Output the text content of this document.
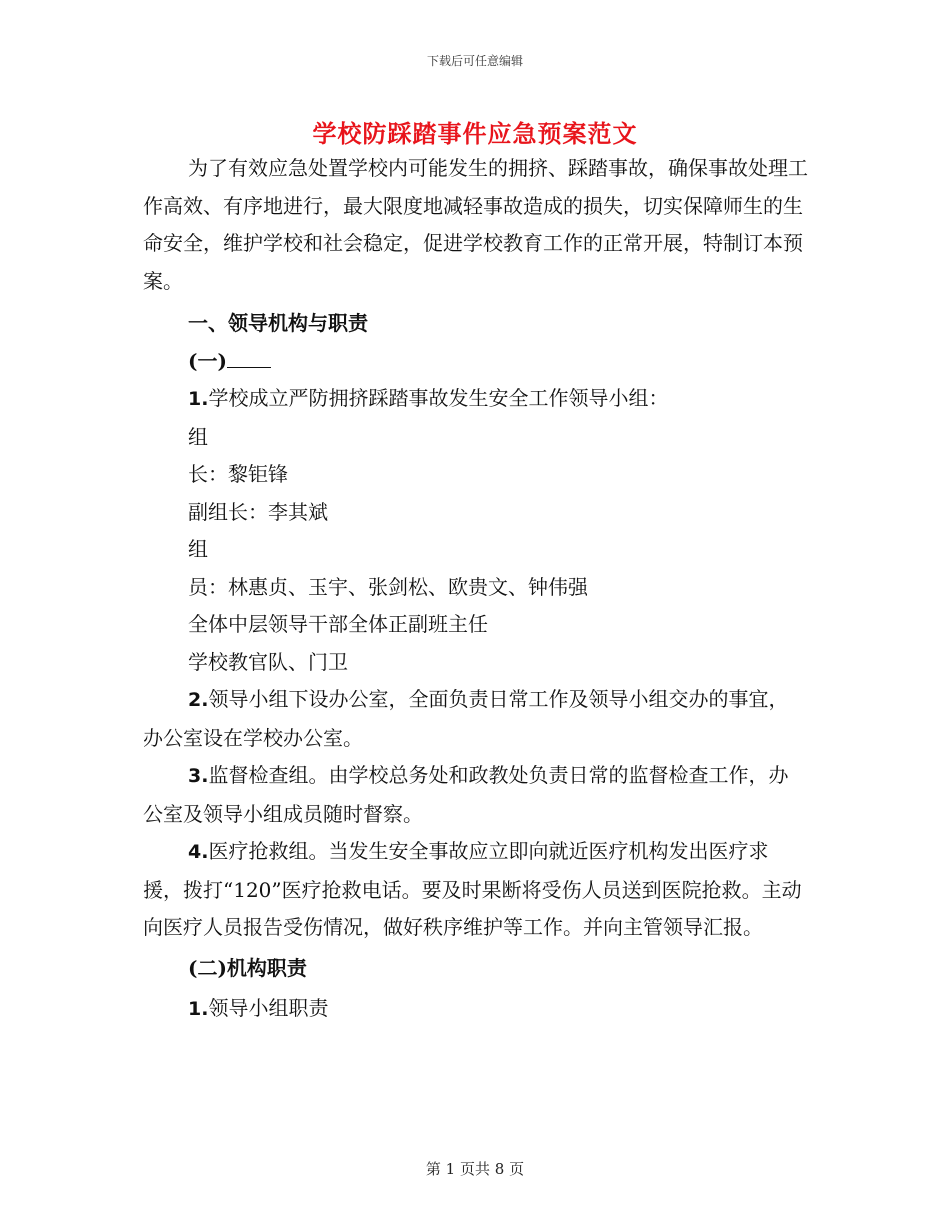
下载后可任意编辑
学校防踩踏事件应急预案范文

为了有效应急处置学校内可能发生的拥挤、踩踏事故，确保事故处理工作高效、有序地进行，最大限度地减轻事故造成的损失，切实保障师生的生命安全，维护学校和社会稳定，促进学校教育工作的正常开展，特制订本预案。

一、领导机构与职责

(一)

1.学校成立严防拥挤踩踏事故发生安全工作领导小组：

组

长：黎钜锋

副组长：李其斌

组

员：林惠贞、玉宇、张剑松、欧贵文、钟伟强

全体中层领导干部全体正副班主任

学校教官队、门卫

2.领导小组下设办公室，全面负责日常工作及领导小组交办的事宜，办公室设在学校办公室。

3.监督检查组。由学校总务处和政教处负责日常的监督检查工作，办公室及领导小组成员随时督察。

4.医疗抢救组。当发生安全事故应立即向就近医疗机构发出医疗求援，拨打“120”医疗抢救电话。要及时果断将受伤人员送到医院抢救。主动向医疗人员报告受伤情况，做好秩序维护等工作。并向主管领导汇报。

(二)机构职责

1.领导小组职责

第 1 页共 8 页
